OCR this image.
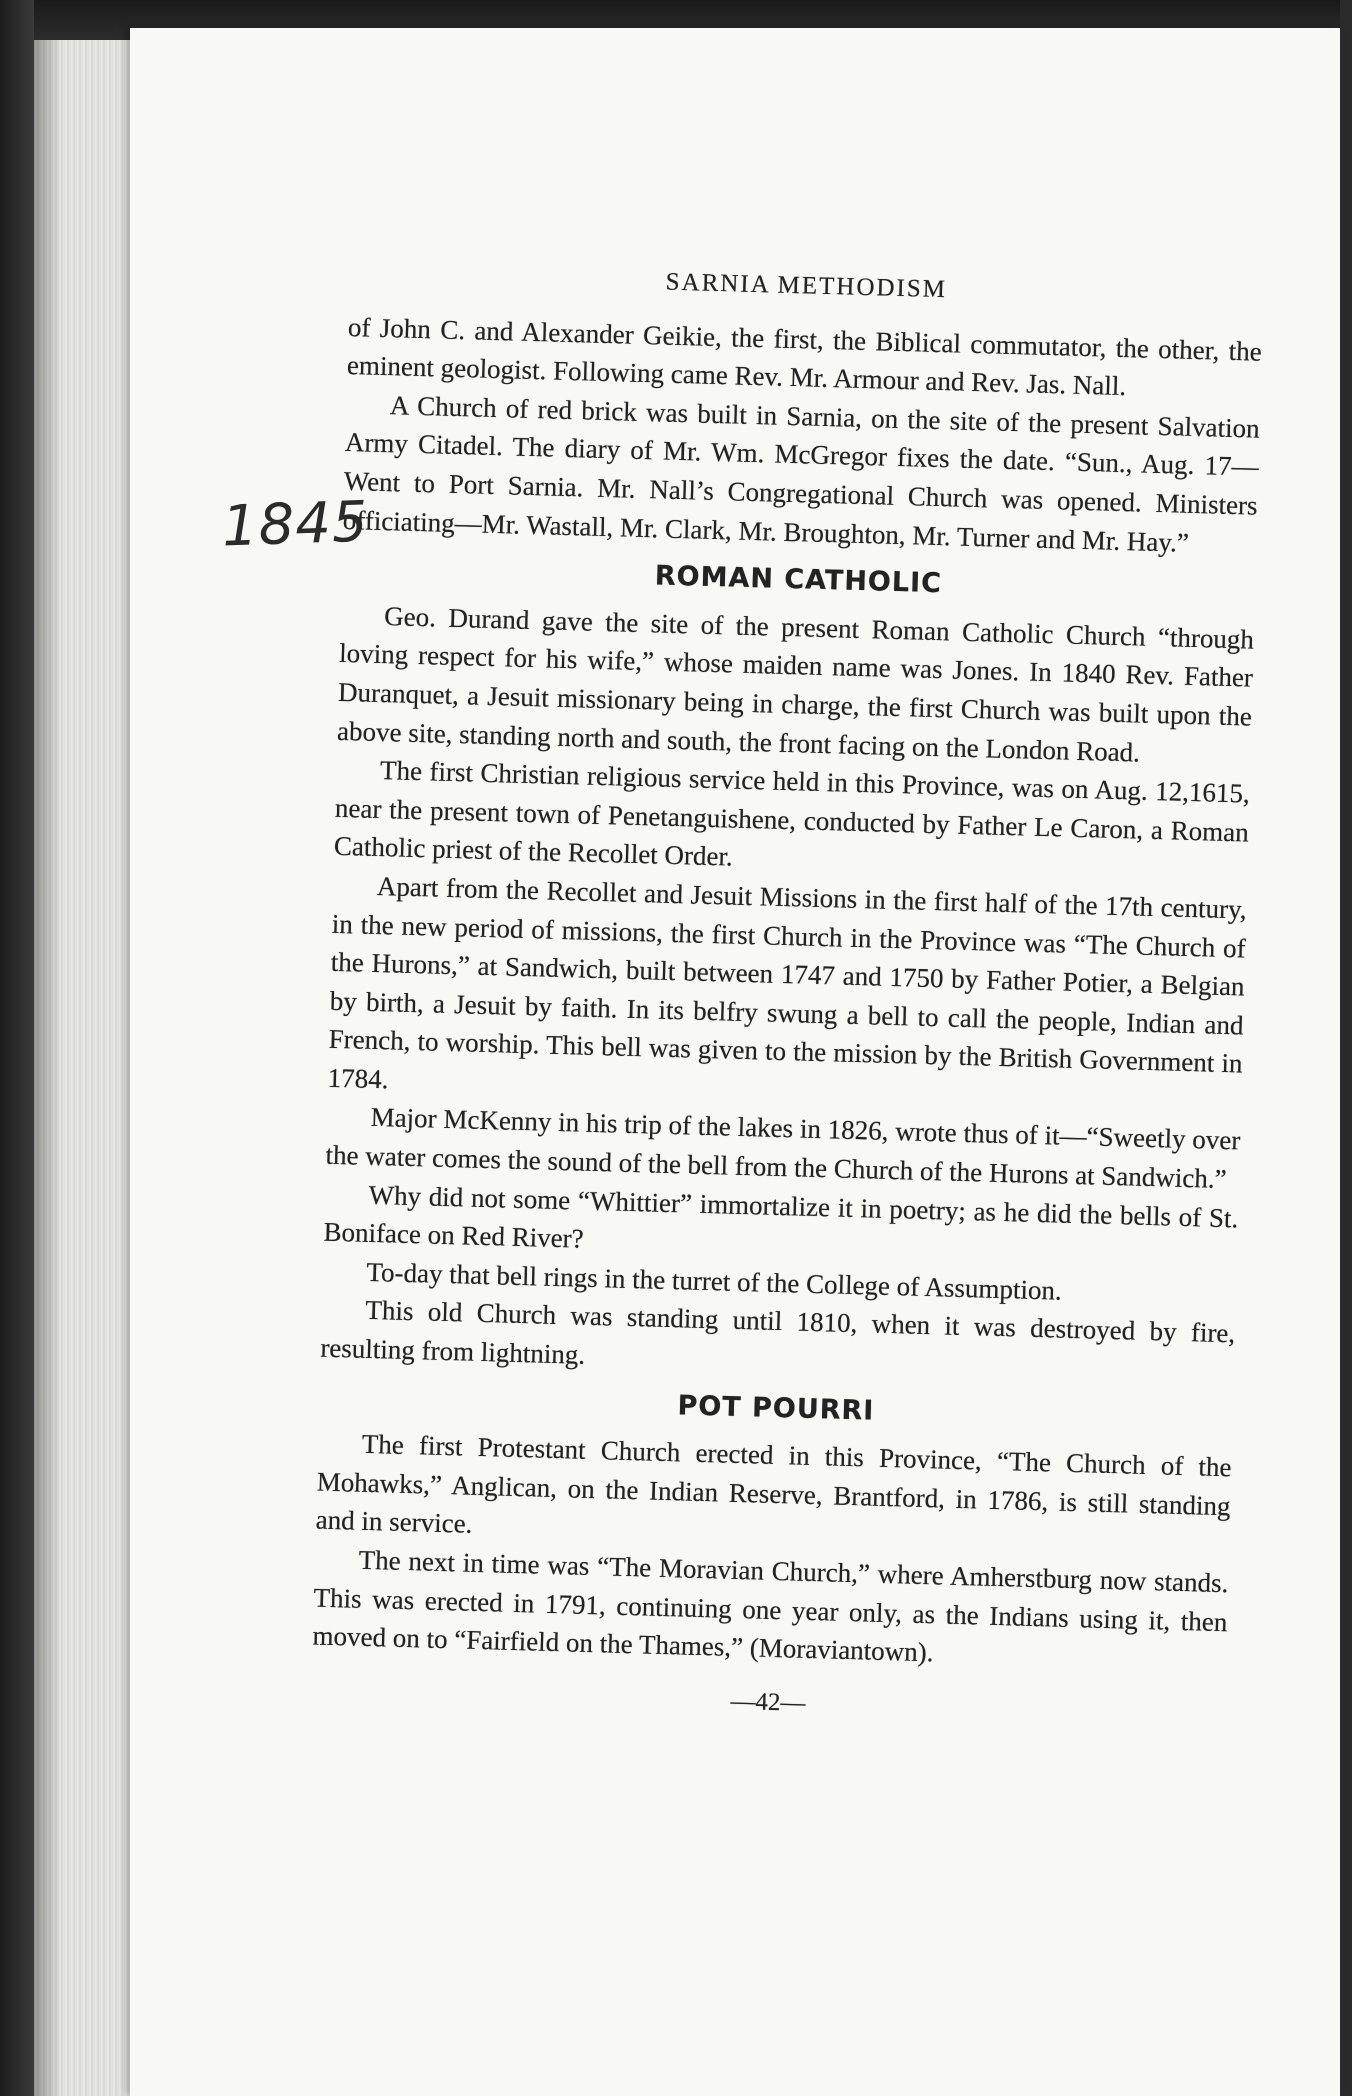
1845
SARNIA METHODISM

of John C. and Alexander Geikie, the first, the Biblical commutator, the other, the eminent geologist. Following came Rev. Mr. Armour and Rev. Jas. Nall.

A Church of red brick was built in Sarnia, on the site of the present Salvation Army Citadel. The diary of Mr. Wm. McGregor fixes the date. “Sun., Aug. 17—Went to Port Sarnia. Mr. Nall’s Congregational Church was opened. Ministers officiating—Mr. Wastall, Mr. Clark, Mr. Broughton, Mr. Turner and Mr. Hay.”

ROMAN CATHOLIC

Geo. Durand gave the site of the present Roman Catholic Church “through loving respect for his wife,” whose maiden name was Jones. In 1840 Rev. Father Duranquet, a Jesuit missionary being in charge, the first Church was built upon the above site, standing north and south, the front facing on the London Road.

The first Christian religious service held in this Province, was on Aug. 12,1615, near the present town of Penetanguishene, conducted by Father Le Caron, a Roman Catholic priest of the Recollet Order.

Apart from the Recollet and Jesuit Missions in the first half of the 17th century, in the new period of missions, the first Church in the Province was “The Church of the Hurons,” at Sandwich, built between 1747 and 1750 by Father Potier, a Belgian by birth, a Jesuit by faith. In its belfry swung a bell to call the people, Indian and French, to worship. This bell was given to the mission by the British Government in 1784.

Major McKenny in his trip of the lakes in 1826, wrote thus of it—“Sweetly over the water comes the sound of the bell from the Church of the Hurons at Sandwich.”

Why did not some “Whittier” immortalize it in poetry; as he did the bells of St. Boniface on Red River?

To-day that bell rings in the turret of the College of Assumption.

This old Church was standing until 1810, when it was destroyed by fire, resulting from lightning.

POT POURRI

The first Protestant Church erected in this Province, “The Church of the Mohawks,” Anglican, on the Indian Reserve, Brantford, in 1786, is still standing and in service.

The next in time was “The Moravian Church,” where Amherstburg now stands. This was erected in 1791, continuing one year only, as the Indians using it, then moved on to “Fairfield on the Thames,” (Moraviantown).

—42—
